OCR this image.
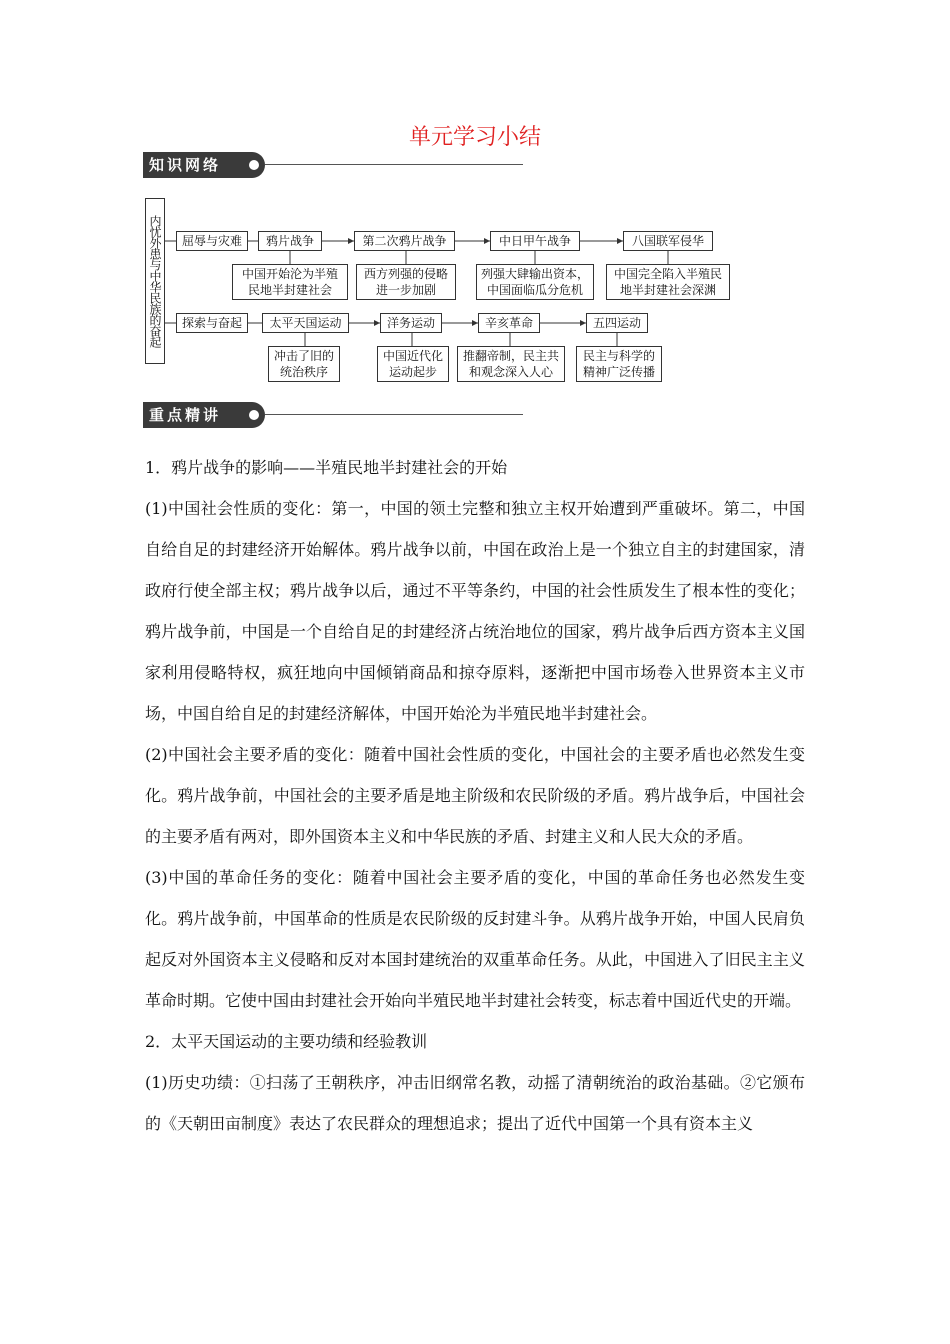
单元学习小结
知识网络
内忧外患与中华民族的奋起	屈辱与灾难	鸦片战争	第二次鸦片战争	中日甲午战争	八国联军侵华
中国开始沦为半殖
民地半封建社会
西方列强的侵略
进一步加剧
列强大肆输出资本，
中国面临瓜分危机
中国完全陷入半殖民
地半封建社会深渊
探索与奋起	太平天国运动	洋务运动	辛亥革命	五四运动
冲击了旧的
统治秩序
中国近代化
运动起步
推翻帝制，民主共
和观念深入人心
民主与科学的
精神广泛传播
重点精讲

1．鸦片战争的影响——半殖民地半封建社会的开始

(1)中国社会性质的变化：第一，中国的领土完整和独立主权开始遭到严重破坏。第二，中国自给自足的封建经济开始解体。鸦片战争以前，中国在政治上是一个独立自主的封建国家，清政府行使全部主权；鸦片战争以后，通过不平等条约，中国的社会性质发生了根本性的变化；鸦片战争前，中国是一个自给自足的封建经济占统治地位的国家，鸦片战争后西方资本主义国家利用侵略特权，疯狂地向中国倾销商品和掠夺原料，逐渐把中国市场卷入世界资本主义市场，中国自给自足的封建经济解体，中国开始沦为半殖民地半封建社会。

(2)中国社会主要矛盾的变化：随着中国社会性质的变化，中国社会的主要矛盾也必然发生变化。鸦片战争前，中国社会的主要矛盾是地主阶级和农民阶级的矛盾。鸦片战争后，中国社会的主要矛盾有两对，即外国资本主义和中华民族的矛盾、封建主义和人民大众的矛盾。

(3)中国的革命任务的变化：随着中国社会主要矛盾的变化，中国的革命任务也必然发生变化。鸦片战争前，中国革命的性质是农民阶级的反封建斗争。从鸦片战争开始，中国人民肩负起反对外国资本主义侵略和反对本国封建统治的双重革命任务。从此，中国进入了旧民主主义革命时期。它使中国由封建社会开始向半殖民地半封建社会转变，标志着中国近代史的开端。

2．太平天国运动的主要功绩和经验教训

(1)历史功绩：①扫荡了王朝秩序，冲击旧纲常名教，动摇了清朝统治的政治基础。②它颁布的《天朝田亩制度》表达了农民群众的理想追求；提出了近代中国第一个具有资本主义
